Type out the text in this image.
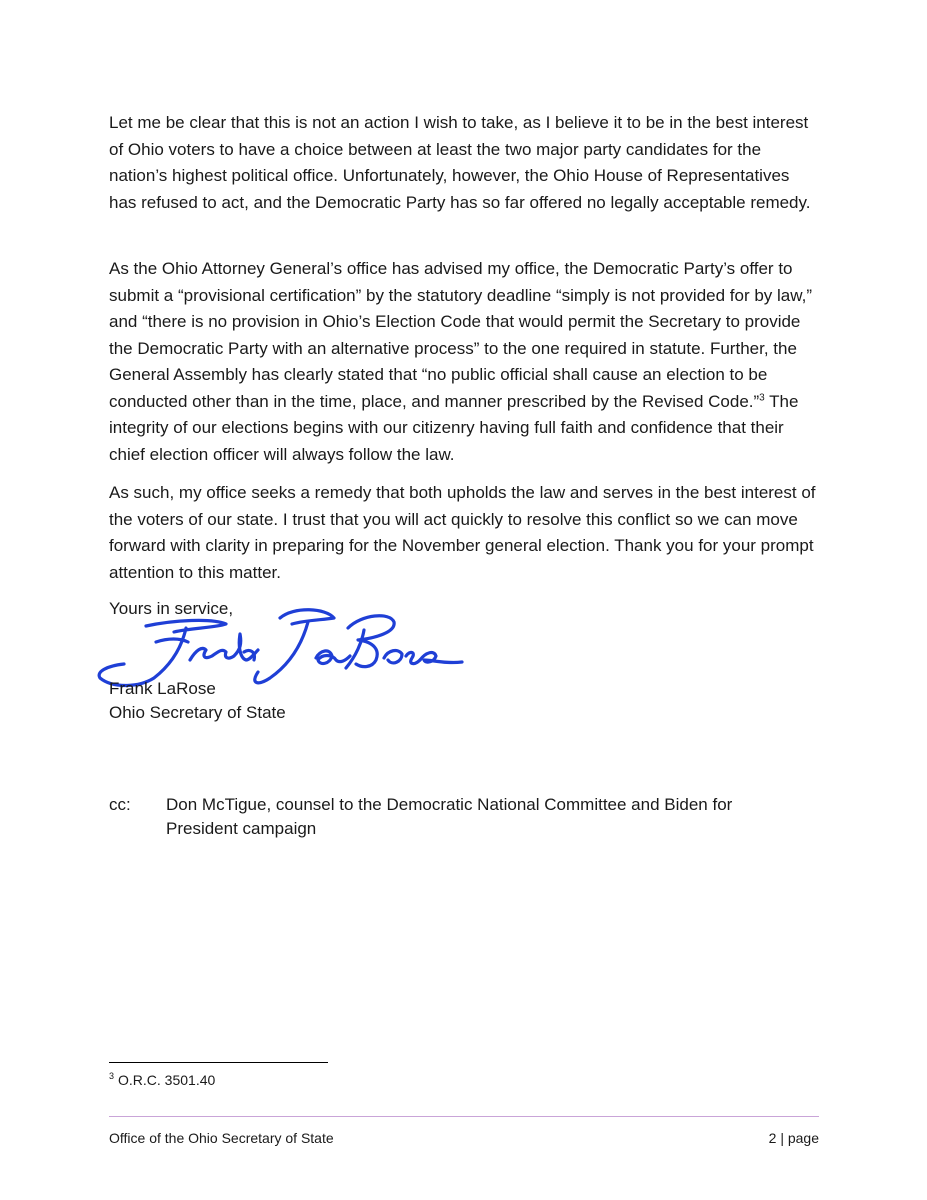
Let me be clear that this is not an action I wish to take, as I believe it to be in the best interest of Ohio voters to have a choice between at least the two major party candidates for the nation’s highest political office. Unfortunately, however, the Ohio House of Representatives has refused to act, and the Democratic Party has so far offered no legally acceptable remedy.

As the Ohio Attorney General’s office has advised my office, the Democratic Party’s offer to submit a “provisional certification” by the statutory deadline “simply is not provided for by law,” and “there is no provision in Ohio’s Election Code that would permit the Secretary to provide the Democratic Party with an alternative process” to the one required in statute. Further, the General Assembly has clearly stated that “no public official shall cause an election to be conducted other than in the time, place, and manner prescribed by the Revised Code.”$^3$ The integrity of our elections begins with our citizenry having full faith and confidence that their chief election officer will always follow the law.

As such, my office seeks a remedy that both upholds the law and serves in the best interest of the voters of our state. I trust that you will act quickly to resolve this conflict so we can move forward with clarity in preparing for the November general election. Thank you for your prompt attention to this matter.

Yours in service,
Frank LaRose
Ohio Secretary of State
cc: Don McTigue, counsel to the Democratic National Committee and Biden for President campaign
$^3$ O.R.C. 3501.40
Office of the Ohio Secretary of State	2 | page
